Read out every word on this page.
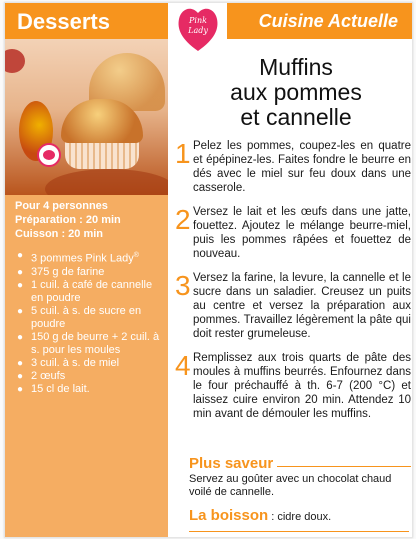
Desserts	Pink
Lady	Cuisine Actuelle
Pour 4 personnes
Préparation : 20 min
Cuisson : 20 min
● 3 pommes Pink Lady®
● 375 g de farine
● 1 cuil. à café de cannelle en poudre
● 5 cuil. à s. de sucre en poudre
● 150 g de beurre + 2 cuil. à s. pour les moules
● 3 cuil. à s. de miel
● 2 œufs
● 15 cl de lait.
Muffins
aux pommes
et cannelle
1 Pelez les pommes, coupez-les en quatre et épépinez-les. Faites fondre le beurre en dés avec le miel sur feu doux dans une casserole.
2 Versez le lait et les œufs dans une jatte, fouettez. Ajoutez le mélange beurre-miel, puis les pommes râpées et fouettez de nouveau.
3 Versez la farine, la levure, la cannelle et le sucre dans un saladier. Creusez un puits au centre et versez la préparation aux pommes. Travaillez légèrement la pâte qui doit rester grumeleuse.
4 Remplissez aux trois quarts de pâte des moules à muffins beurrés. Enfournez dans le four préchauffé à th. 6-7 (200 °C) et laissez cuire environ 20 min. Attendez 10 min avant de démouler les muffins.
Plus saveur
Servez au goûter avec un chocolat chaud voilé de cannelle.
La boisson : cidre doux.
